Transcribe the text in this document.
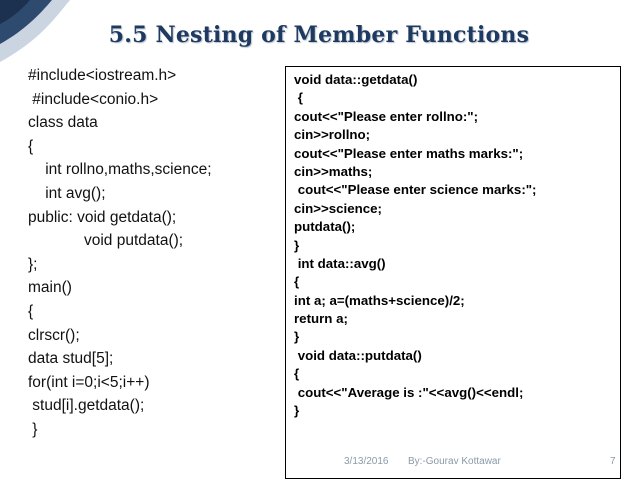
5.5 Nesting of Member Functions
#include<iostream.h>
#include<conio.h>
class data
{
int rollno,maths,science;
int avg();
public: void getdata();
void putdata();
};
main()
{
clrscr();
data stud[5];
for(int i=0;i<5;i++)
stud[i].getdata();
}
void data::getdata()
{
cout<<"Please enter rollno:";
cin>>rollno;
cout<<"Please enter maths marks:";
cin>>maths;
cout<<"Please enter science marks:";
cin>>science;
putdata();
}
int data::avg()
{
int a; a=(maths+science)/2;
return a;
}
void data::putdata()
{
cout<<"Average is :"<<avg()<<endl;
}
3/13/2016 By:-Gourav Kottawar	7
